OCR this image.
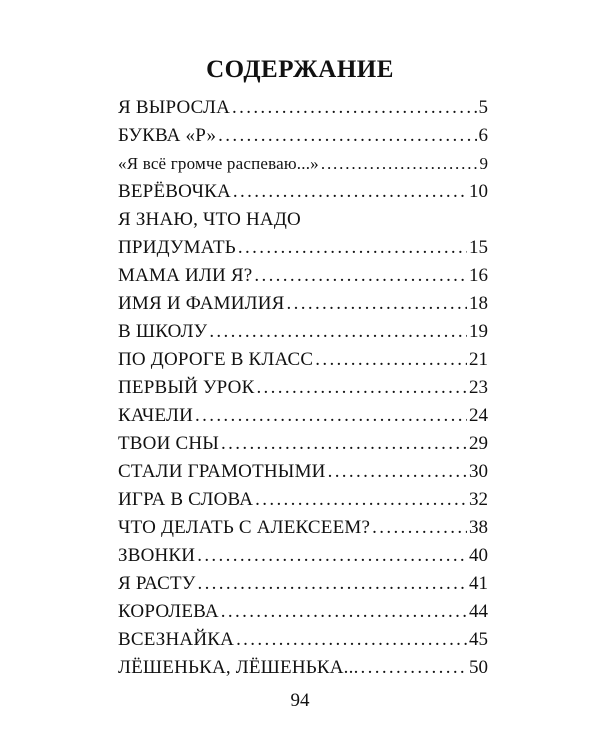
СОДЕРЖАНИЕ
Я ВЫРОСЛА . . .	5
БУКВА «Р» . . .	6
«Я всё громче распеваю...» . . .	9
ВЕРЁВОЧКА . . .	10
Я ЗНАЮ, ЧТО НАДО
ПРИДУМАТЬ . . .	15
МАМА ИЛИ Я? . . .	16
ИМЯ И ФАМИЛИЯ . . .	18
В ШКОЛУ . . .	19
ПО ДОРОГЕ В КЛАСС . . .	21
ПЕРВЫЙ УРОК . . .	23
КАЧЕЛИ . . .	24
ТВОИ СНЫ . . .	29
СТАЛИ ГРАМОТНЫМИ . . .	30
ИГРА В СЛОВА . . .	32
ЧТО ДЕЛАТЬ С АЛЕКСЕЕМ? . . .	38
ЗВОНКИ . . .	40
Я РАСТУ . . .	41
КОРОЛЕВА . . .	44
ВСЕЗНАЙКА . . .	45
ЛЁШЕНЬКА, ЛЁШЕНЬКА... . . .	50
94
